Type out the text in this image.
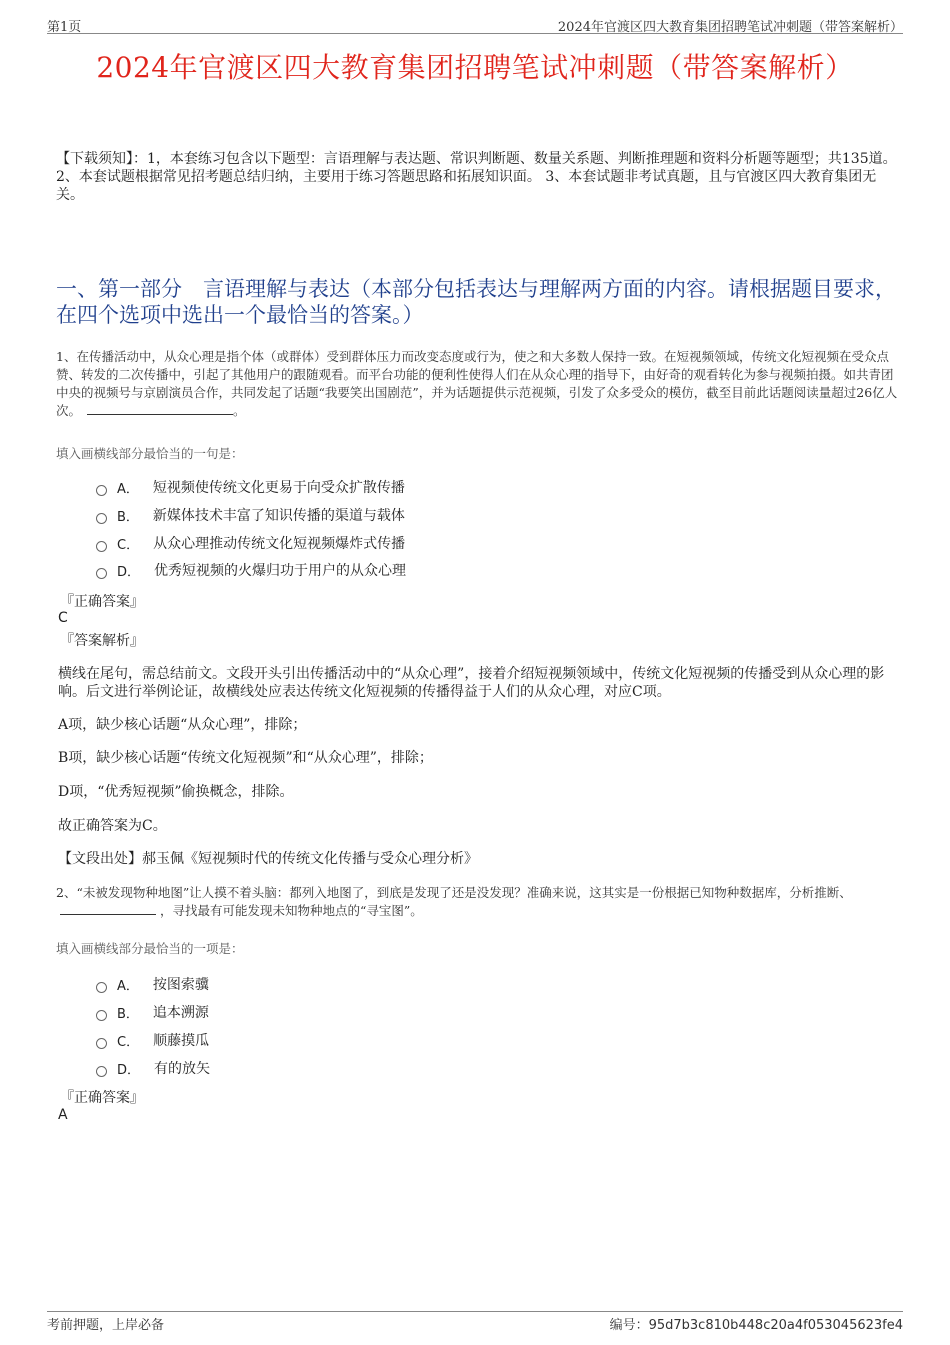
第1页	2024年官渡区四大教育集团招聘笔试冲刺题（带答案解析）
2024年官渡区四大教育集团招聘笔试冲刺题（带答案解析）
【下载须知】：1，本套练习包含以下题型：言语理解与表达题、常识判断题、数量关系题、判断推理题和资料分析题等题型；共135道。 2、本套试题根据常见招考题总结归纳，主要用于练习答题思路和拓展知识面。 3、本套试题非考试真题，且与官渡区四大教育集团无关。
一、第一部分　言语理解与表达（本部分包括表达与理解两方面的内容。请根据题目要求，在四个选项中选出一个最恰当的答案。）
1、在传播活动中，从众心理是指个体（或群体）受到群体压力而改变态度或行为，使之和大多数人保持一致。在短视频领域，传统文化短视频在受众点赞、转发的二次传播中，引起了其他用户的跟随观看。而平台功能的便利性使得人们在从众心理的指导下，由好奇的观看转化为参与视频拍摄。如共青团中央的视频号与京剧演员合作，共同发起了话题“我要笑出国剧范”，并为话题提供示范视频，引发了众多受众的模仿，截至目前此话题阅读量超过26亿人次。	。
填入画横线部分最恰当的一句是：
A． 短视频使传统文化更易于向受众扩散传播
B． 新媒体技术丰富了知识传播的渠道与载体
C． 从众心理推动传统文化短视频爆炸式传播
D． 优秀短视频的火爆归功于用户的从众心理
『正确答案』
C
『答案解析』
横线在尾句，需总结前文。文段开头引出传播活动中的“从众心理”，接着介绍短视频领域中，传统文化短视频的传播受到从众心理的影响。后文进行举例论证，故横线处应表达传统文化短视频的传播得益于人们的从众心理，对应C项。
A项，缺少核心话题“从众心理”，排除；
B项，缺少核心话题“传统文化短视频”和“从众心理”，排除；
D项，“优秀短视频”偷换概念，排除。
故正确答案为C。
【文段出处】郝玉佩《短视频时代的传统文化传播与受众心理分析》
2、“未被发现物种地图”让人摸不着头脑：都列入地图了，到底是发现了还是没发现？准确来说，这其实是一份根据已知物种数据库，分析推断、，寻找最有可能发现未知物种地点的“寻宝图”。
填入画横线部分最恰当的一项是：
A． 按图索骥
B． 追本溯源
C． 顺藤摸瓜
D． 有的放矢
『正确答案』
A
考前押题，上岸必备	编号：95d7b3c810b448c20a4f053045623fe4
